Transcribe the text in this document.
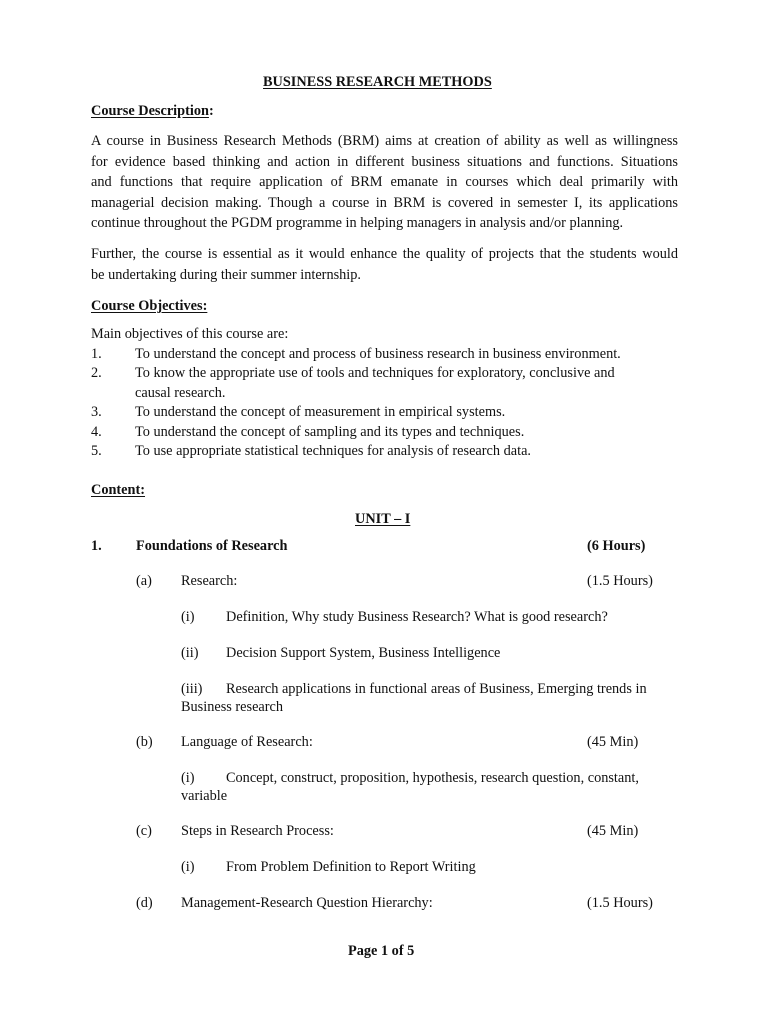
BUSINESS RESEARCH METHODS
Course Description:
A course in Business Research Methods (BRM) aims at creation of ability as well as willingness
for evidence based thinking and action in different business situations and functions. Situations
and functions that require application of BRM emanate in courses which deal primarily with
managerial decision making. Though a course in BRM is covered in semester I, its applications
continue throughout the PGDM programme in helping managers in analysis and/or planning.
Further, the course is essential as it would enhance the quality of projects that the students would
be undertaking during their summer internship.
Course Objectives:
Main objectives of this course are:
1. To understand the concept and process of business research in business environment.
2. To know the appropriate use of tools and techniques for exploratory, conclusive and
causal research.
3. To understand the concept of measurement in empirical systems.
4. To understand the concept of sampling and its types and techniques.
5. To use appropriate statistical techniques for analysis of research data.
Content:
UNIT – I
1. Foundations of Research	(6 Hours)
(a) Research:	(1.5 Hours)
(i) Definition, Why study Business Research? What is good research?
(ii) Decision Support System, Business Intelligence
(iii) Research applications in functional areas of Business, Emerging trends in
Business research
(b) Language of Research:	(45 Min)
(i) Concept, construct, proposition, hypothesis, research question, constant,
variable
(c) Steps in Research Process:	(45 Min)
(i) From Problem Definition to Report Writing
(d) Management-Research Question Hierarchy:	(1.5 Hours)
Page 1 of 5
